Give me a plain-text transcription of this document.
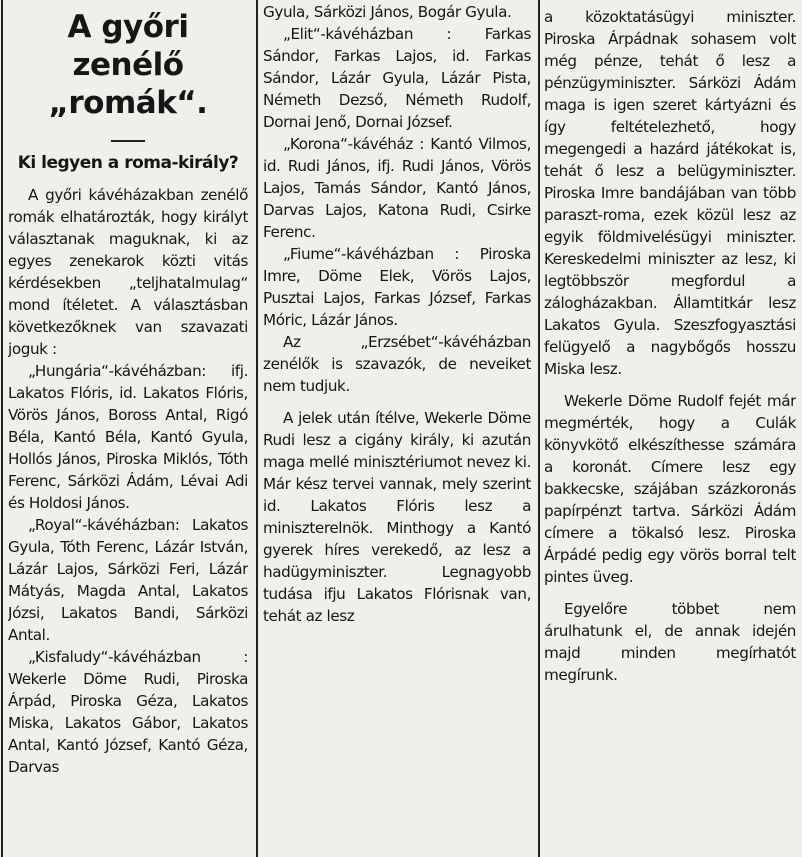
A győri zenélő
„romák“.
Ki legyen a roma-király?

A győri kávéházakban zenélő romák elhatározták, hogy királyt választanak maguknak, ki az egyes zenekarok közti vitás kérdésekben „teljhatalmulag“ mond ítéletet. A választásban következőknek van szavazati joguk :

„Hungária“-kávéházban: ifj. Lakatos Flóris, id. Lakatos Flóris, Vörös János, Boross Antal, Rigó Béla, Kantó Béla, Kantó Gyula, Hollós János, Piroska Miklós, Tóth Ferenc, Sárközi Ádám, Lévai Adi és Holdosi János.

„Royal“-kávéházban: Lakatos Gyula, Tóth Ferenc, Lázár István, Lázár Lajos, Sárközi Feri, Lázár Mátyás, Magda Antal, Lakatos Józsi, Lakatos Bandi, Sárközi Antal.

„Kisfaludy“-kávéházban : Wekerle Döme Rudi, Piroska Árpád, Piroska Géza, Lakatos Miska, Lakatos Gábor, Lakatos Antal, Kantó József, Kantó Géza, Darvas

Gyula, Sárközi János, Bogár Gyula.

„Elit“-kávéházban : Farkas Sándor, Farkas Lajos, id. Farkas Sándor, Lázár Gyula, Lázár Pista, Németh Dezső, Németh Rudolf, Dornai Jenő, Dornai József.

„Korona“-kávéház : Kantó Vilmos, id. Rudi János, ifj. Rudi János, Vörös Lajos, Tamás Sándor, Kantó János, Darvas Lajos, Katona Rudi, Csirke Ferenc.

„Fiume“-kávéházban : Piroska Imre, Döme Elek, Vörös Lajos, Pusztai Lajos, Farkas József, Farkas Móric, Lázár János.

Az „Erzsébet“-kávéházban zenélők is szavazók, de neveiket nem tudjuk.

A jelek után ítélve, Wekerle Döme Rudi lesz a cigány király, ki azután maga mellé minisztériumot nevez ki. Már kész tervei vannak, mely szerint id. Lakatos Flóris lesz a miniszterelnök. Minthogy a Kantó gyerek híres verekedő, az lesz a hadügyminiszter. Legnagyobb tudása ifju Lakatos Flórisnak van, tehát az lesz

a közoktatásügyi miniszter. Piroska Árpádnak sohasem volt még pénze, tehát ő lesz a pénzügyminiszter. Sárközi Ádám maga is igen szeret kártyázni és így feltételezhető, hogy megengedi a hazárd játékokat is, tehát ő lesz a belügyminiszter. Piroska Imre bandájában van több paraszt-roma, ezek közül lesz az egyik földmivelésügyi miniszter. Kereskedelmi miniszter az lesz, ki legtöbbször megfordul a zálogházakban. Államtitkár lesz Lakatos Gyula. Szeszfogyasztási felügyelő a nagybőgős hosszu Miska lesz.

Wekerle Döme Rudolf fejét már megmérték, hogy a Culák könyvkötő elkészíthesse számára a koronát. Címere lesz egy bakkecske, szájában százkoronás papírpénzt tartva. Sárközi Ádám címere a tökalsó lesz. Piroska Árpádé pedig egy vörös borral telt pintes üveg.

Egyelőre többet nem árulhatunk el, de annak idején majd minden megírhatót megírunk.
